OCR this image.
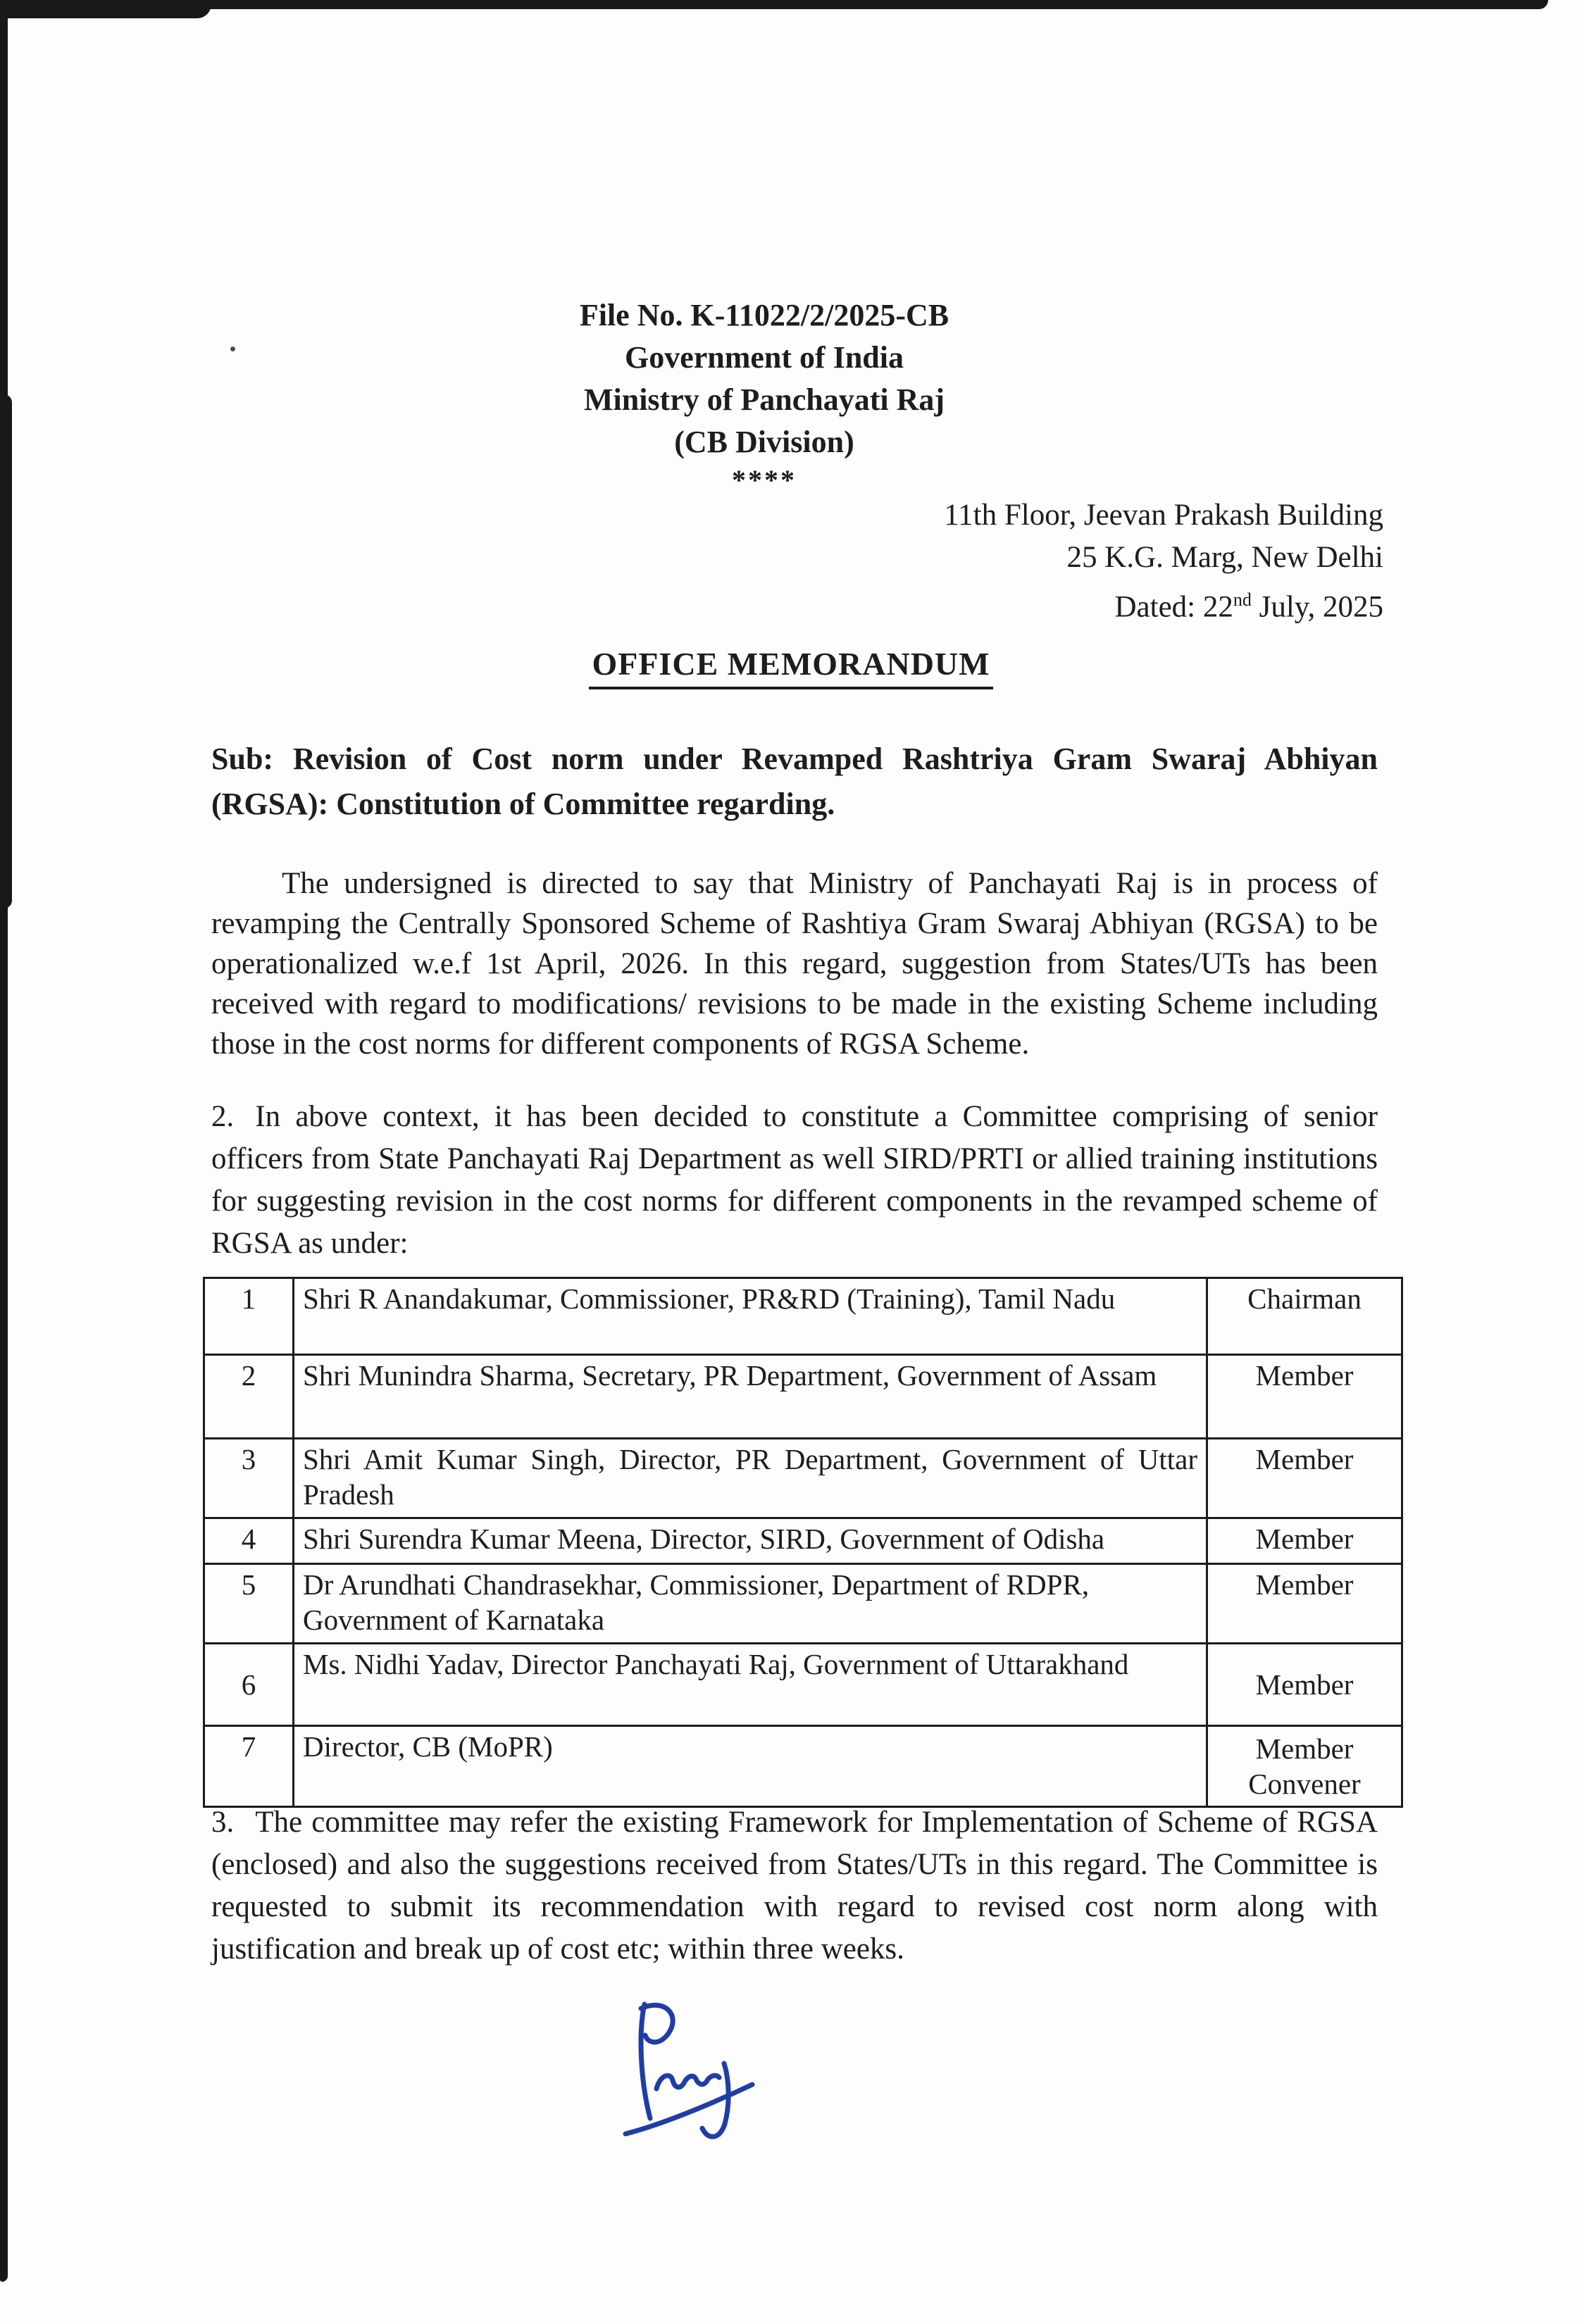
File No. K-11022/2/2025-CB
Government of India
Ministry of Panchayati Raj
(CB Division)
****
11th Floor, Jeevan Prakash Building
25 K.G. Marg, New Delhi
Dated: 22nd July, 2025
OFFICE MEMORANDUM
Sub: Revision of Cost norm under Revamped Rashtriya Gram Swaraj Abhiyan (RGSA): Constitution of Committee regarding.
The undersigned is directed to say that Ministry of Panchayati Raj is in process of revamping the Centrally Sponsored Scheme of Rashtiya Gram Swaraj Abhiyan (RGSA) to be operationalized w.e.f 1st April, 2026. In this regard, suggestion from States/UTs has been received with regard to modifications/ revisions to be made in the existing Scheme including those in the cost norms for different components of RGSA Scheme.
2. In above context, it has been decided to constitute a Committee comprising of senior officers from State Panchayati Raj Department as well SIRD/PRTI or allied training institutions for suggesting revision in the cost norms for different components in the revamped scheme of RGSA as under:
1	Shri R Anandakumar, Commissioner, PR&RD (Training), Tamil Nadu	Chairman
2	Shri Munindra Sharma, Secretary, PR Department, Government of Assam	Member
3	Shri Amit Kumar Singh, Director, PR Department, Government of Uttar Pradesh	Member
4	Shri Surendra Kumar Meena, Director, SIRD, Government of Odisha	Member
5	Dr Arundhati Chandrasekhar, Commissioner, Department of RDPR, Government of Karnataka	Member
6	Ms. Nidhi Yadav, Director Panchayati Raj, Government of Uttarakhand	Member
7	Director, CB (MoPR)	Member Convener
3. The committee may refer the existing Framework for Implementation of Scheme of RGSA (enclosed) and also the suggestions received from States/UTs in this regard. The Committee is requested to submit its recommendation with regard to revised cost norm along with justification and break up of cost etc; within three weeks.
